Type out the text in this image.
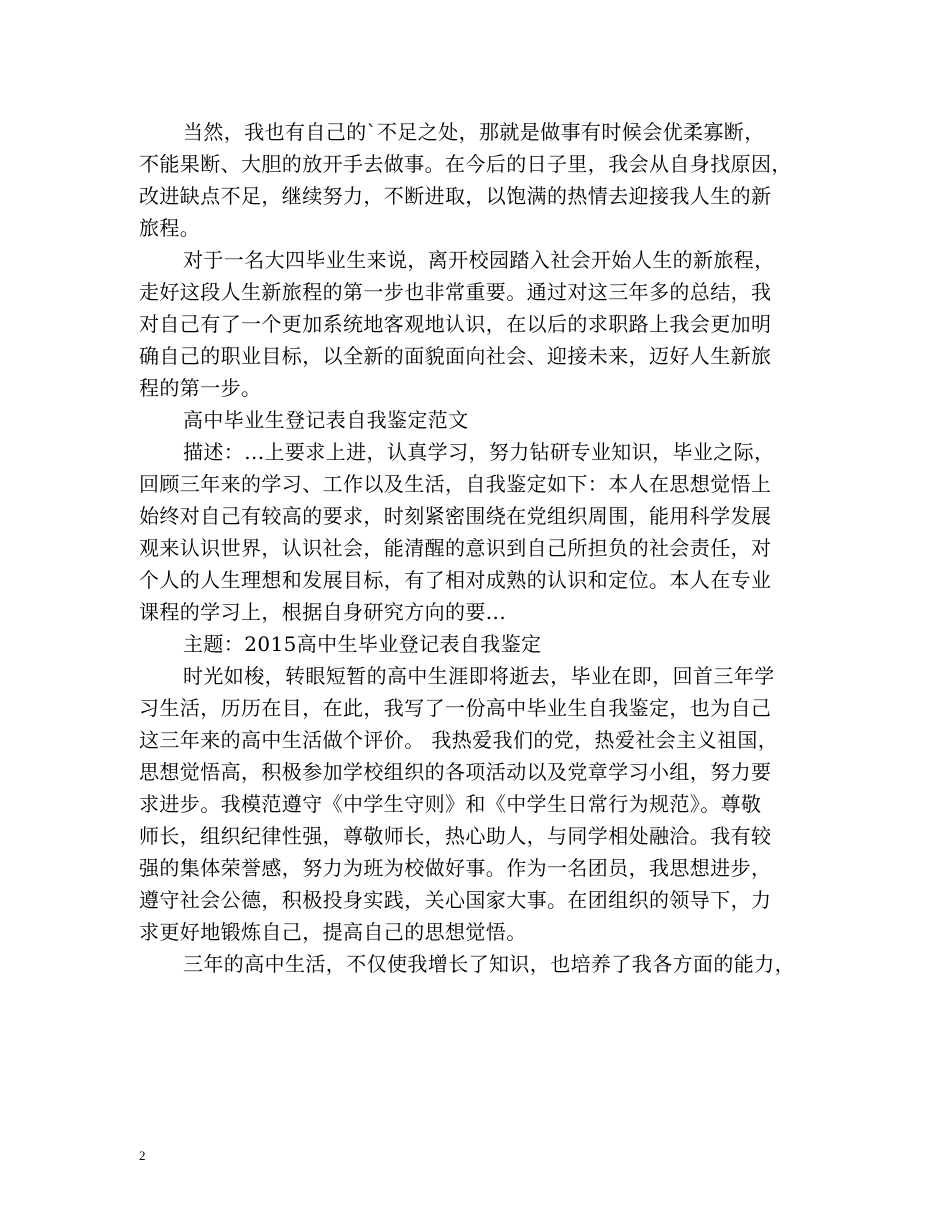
当然，我也有自己的`不足之处，那就是做事有时候会优柔寡断，
不能果断、大胆的放开手去做事。在今后的日子里，我会从自身找原因，
改进缺点不足，继续努力，不断进取，以饱满的热情去迎接我人生的新
旅程。
对于一名大四毕业生来说，离开校园踏入社会开始人生的新旅程，
走好这段人生新旅程的第一步也非常重要。通过对这三年多的总结，我
对自己有了一个更加系统地客观地认识，在以后的求职路上我会更加明
确自己的职业目标，以全新的面貌面向社会、迎接未来，迈好人生新旅
程的第一步。
高中毕业生登记表自我鉴定范文
描述：...上要求上进，认真学习，努力钻研专业知识，毕业之际，
回顾三年来的学习、工作以及生活，自我鉴定如下：本人在思想觉悟上
始终对自己有较高的要求，时刻紧密围绕在党组织周围，能用科学发展
观来认识世界，认识社会，能清醒的意识到自己所担负的社会责任，对
个人的人生理想和发展目标，有了相对成熟的认识和定位。本人在专业
课程的学习上，根据自身研究方向的要...
主题：2015高中生毕业登记表自我鉴定
时光如梭，转眼短暂的高中生涯即将逝去，毕业在即，回首三年学
习生活，历历在目，在此，我写了一份高中毕业生自我鉴定，也为自己
这三年来的高中生活做个评价。 我热爱我们的党，热爱社会主义祖国，
思想觉悟高，积极参加学校组织的各项活动以及党章学习小组，努力要
求进步。我模范遵守《中学生守则》和《中学生日常行为规范》。尊敬
师长，组织纪律性强，尊敬师长，热心助人，与同学相处融洽。我有较
强的集体荣誉感，努力为班为校做好事。作为一名团员，我思想进步，
遵守社会公德，积极投身实践，关心国家大事。在团组织的领导下，力
求更好地锻炼自己，提高自己的思想觉悟。
三年的高中生活，不仅使我增长了知识，也培养了我各方面的能力，
2
